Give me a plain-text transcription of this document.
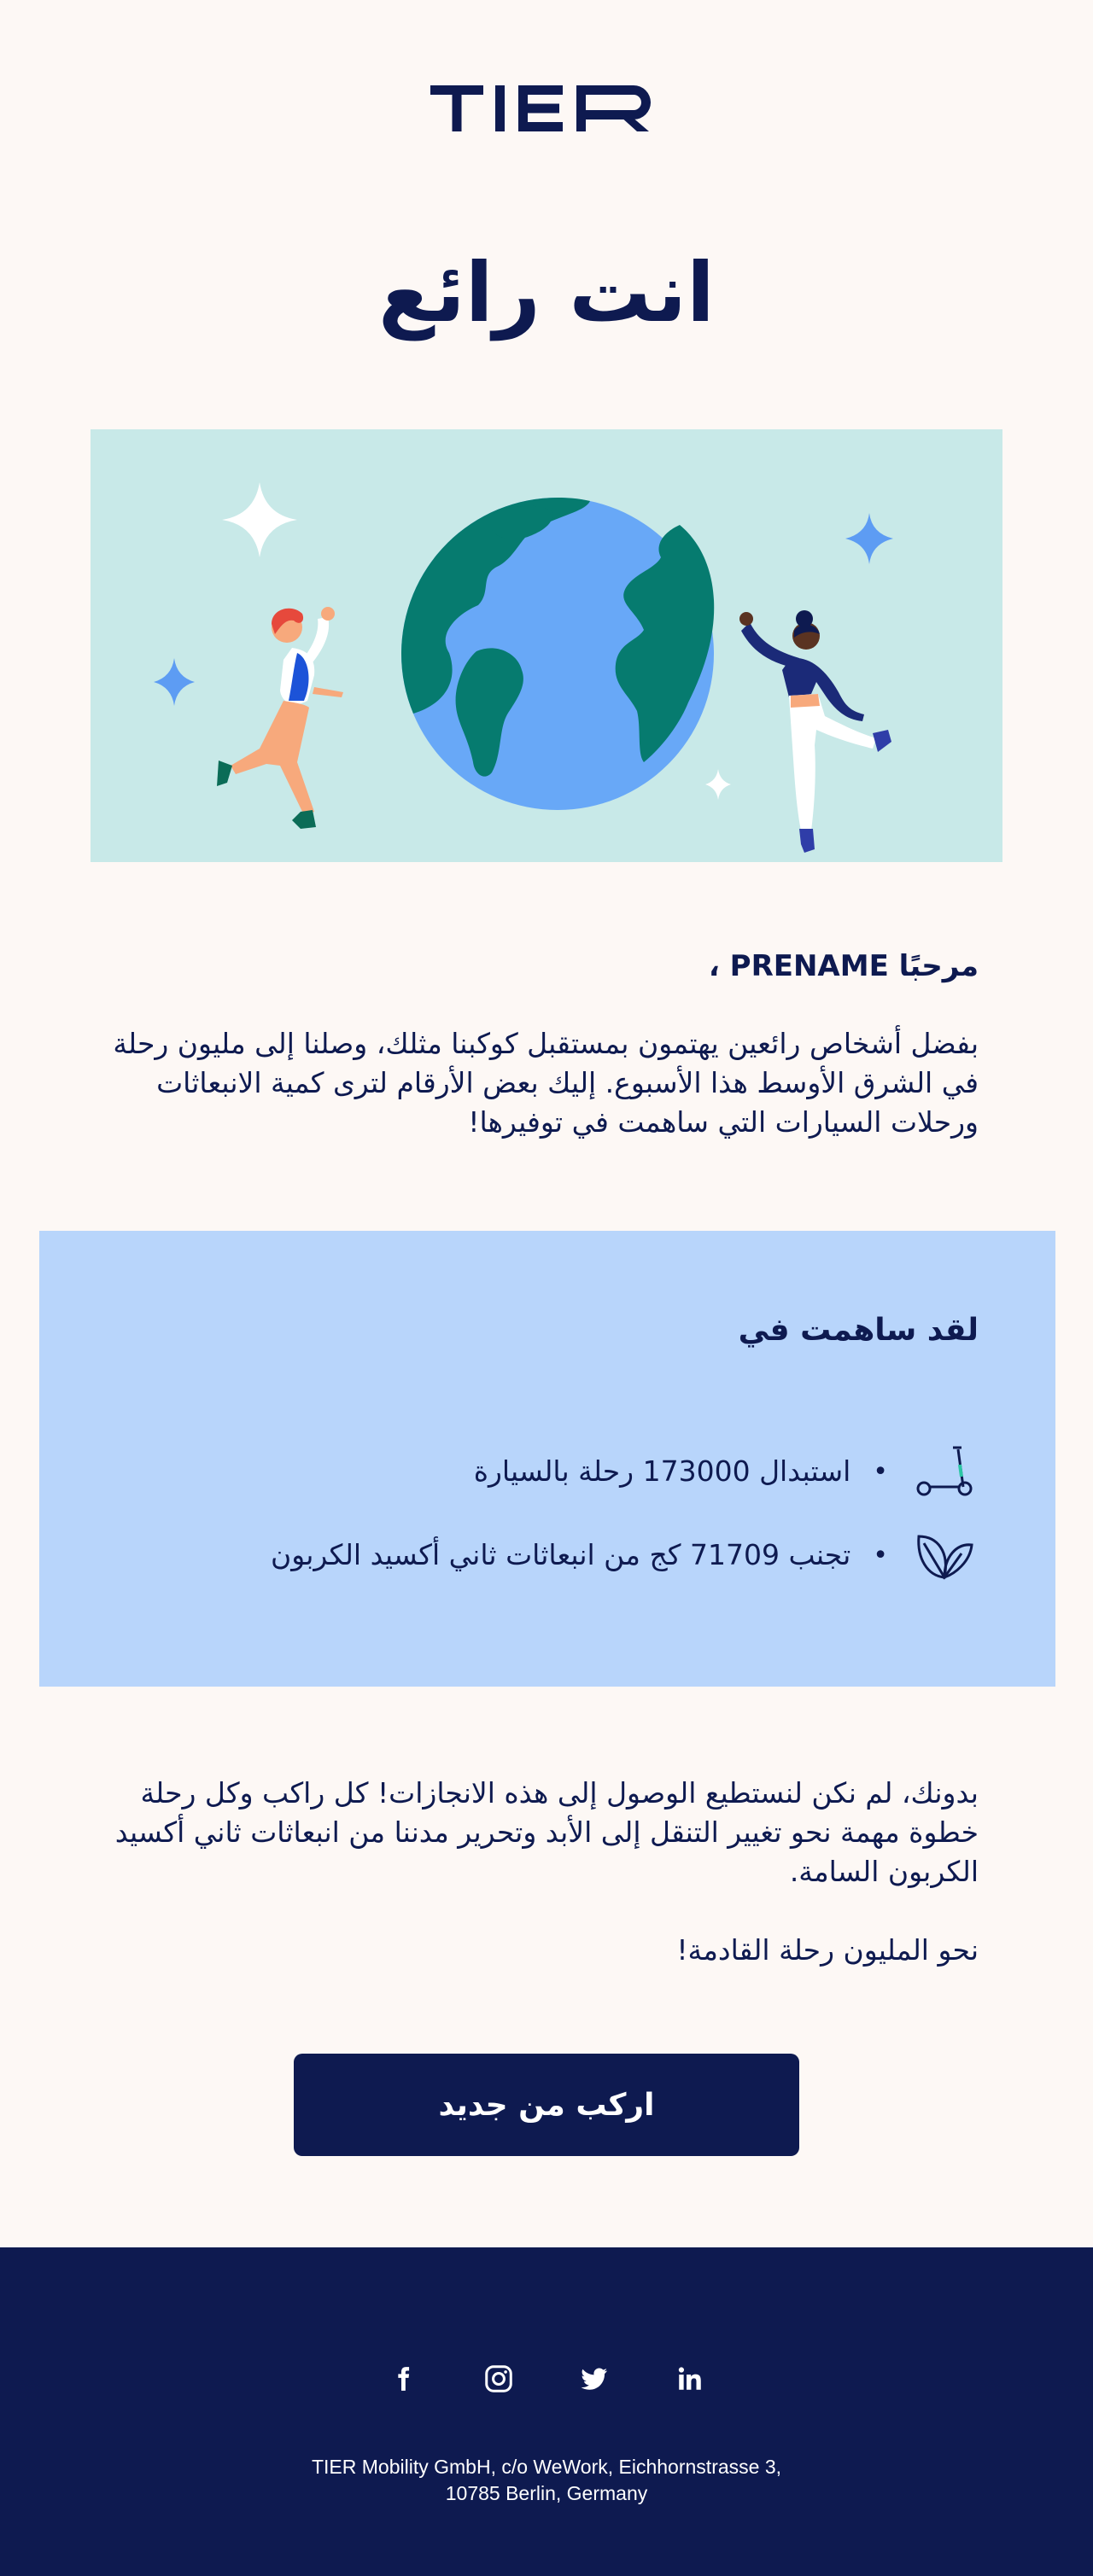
انت رائع

مرحبًا PRENAME ،

بفضل أشخاص رائعين يهتمون بمستقبل كوكبنا مثلك، وصلنا إلى مليون رحلة في الشرق الأوسط هذا الأسبوع. إليك بعض الأرقام لترى كمية الانبعاثات ورحلات السيارات التي ساهمت في توفيرها!

لقد ساهمت في
•
استبدال 173000 رحلة بالسيارة
•
تجنب 71709 كج من انبعاثات ثاني أكسيد الكربون

بدونك، لم نكن لنستطيع الوصول إلى هذه الانجازات! كل راكب وكل رحلة خطوة مهمة نحو تغيير التنقل إلى الأبد وتحرير مدننا من انبعاثات ثاني أكسيد الكربون السامة.

نحو المليون رحلة القادمة!

اركب من جديد
TIER Mobility GmbH, c/o WeWork, Eichhornstrasse 3,
10785 Berlin, Germany
